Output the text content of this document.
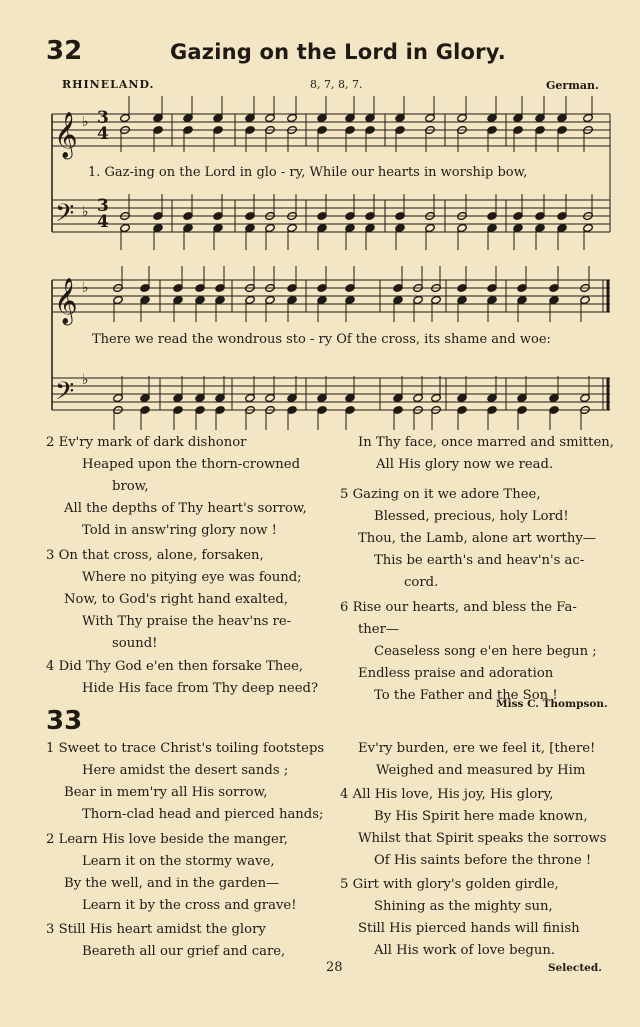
32	Gazing on the Lord in Glory.
RHINELAND.	8, 7, 8, 7.	German.
𝄞
𝄢
𝄞
𝄢
♭
♭
♭
♭
3
4
3
4
1. Gaz-ing on the Lord in glo - ry, While our hearts in worship bow,
There we read the wondrous sto - ry Of the cross, its shame and woe:
2 Ev'ry mark of dark dishonor
Heaped upon the thorn-crowned
brow,
All the depths of Thy heart's sorrow,
Told in answ'ring glory now !
3 On that cross, alone, forsaken,
Where no pitying eye was found;
Now, to God's right hand exalted,
With Thy praise the heav'ns re-
sound!
4 Did Thy God e'en then forsake Thee,
Hide His face from Thy deep need?
In Thy face, once marred and smitten,
All His glory now we read.
5 Gazing on it we adore Thee,
Blessed, precious, holy Lord!
Thou, the Lamb, alone art worthy—
This be earth's and heav'n's ac-
cord.
6 Rise our hearts, and bless the Fa-
ther—
Ceaseless song e'en here begun ;
Endless praise and adoration
To the Father and the Son !
Miss C. Thompson.
33
1 Sweet to trace Christ's toiling footsteps
Here amidst the desert sands ;
Bear in mem'ry all His sorrow,
Thorn-clad head and pierced hands;
2 Learn His love beside the manger,
Learn it on the stormy wave,
By the well, and in the garden—
Learn it by the cross and grave!
3 Still His heart amidst the glory
Beareth all our grief and care,
Ev'ry burden, ere we feel it, [there!
Weighed and measured by Him
4 All His love, His joy, His glory,
By His Spirit here made known,
Whilst that Spirit speaks the sorrows
Of His saints before the throne !
5 Girt with glory's golden girdle,
Shining as the mighty sun,
Still His pierced hands will finish
All His work of love begun.
28	Selected.
